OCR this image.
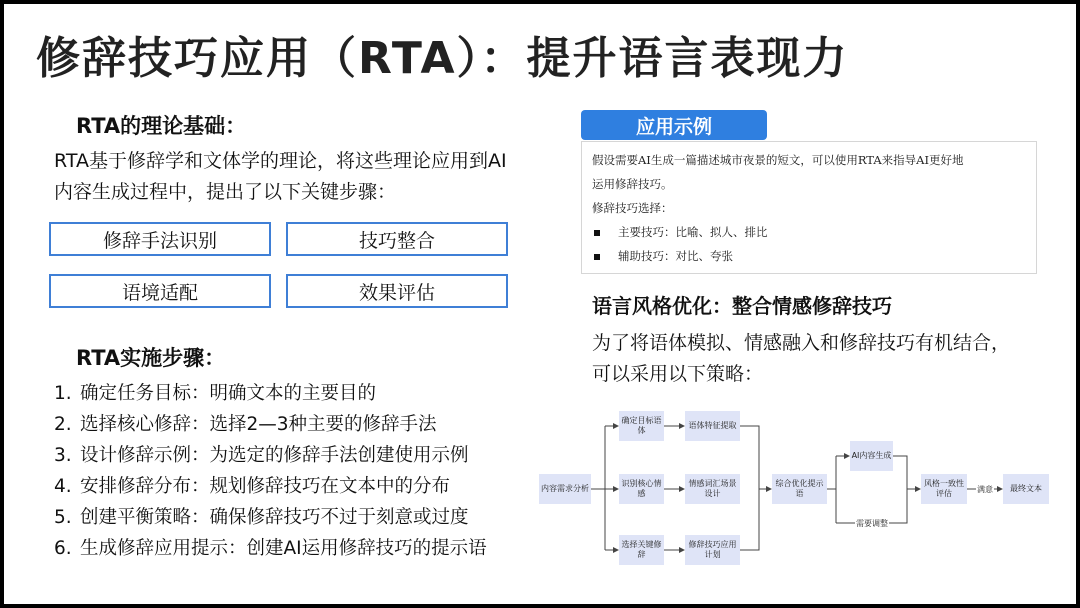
修辞技巧应用（RTA）：提升语言表现力
RTA的理论基础：
RTA基于修辞学和文体学的理论，将这些理论应用到AI
内容生成过程中，提出了以下关键步骤：
修辞手法识别	技巧整合
语境适配	效果评估
RTA实施步骤：
1. 确定任务目标：明确文本的主要目的
2. 选择核心修辞：选择2—3种主要的修辞手法
3. 设计修辞示例：为选定的修辞手法创建使用示例
4. 安排修辞分布：规划修辞技巧在文本中的分布
5. 创建平衡策略：确保修辞技巧不过于刻意或过度
6. 生成修辞应用提示：创建AI运用修辞技巧的提示语
应用示例
假设需要AI生成一篇描述城市夜景的短文，可以使用RTA来指导AI更好地
运用修辞技巧。
修辞技巧选择：
主要技巧：比喻、拟人、排比
辅助技巧：对比、夸张
语言风格优化：整合情感修辞技巧
为了将语体模拟、情感融入和修辞技巧有机结合，
可以采用以下策略：
内容需求分析
确定目标语体
识别核心情感
选择关键修辞
语体特征提取
情感词汇场景设计
修辞技巧应用计划
综合优化提示语
AI内容生成
风格一致性评估
最终文本
满意
需要调整
